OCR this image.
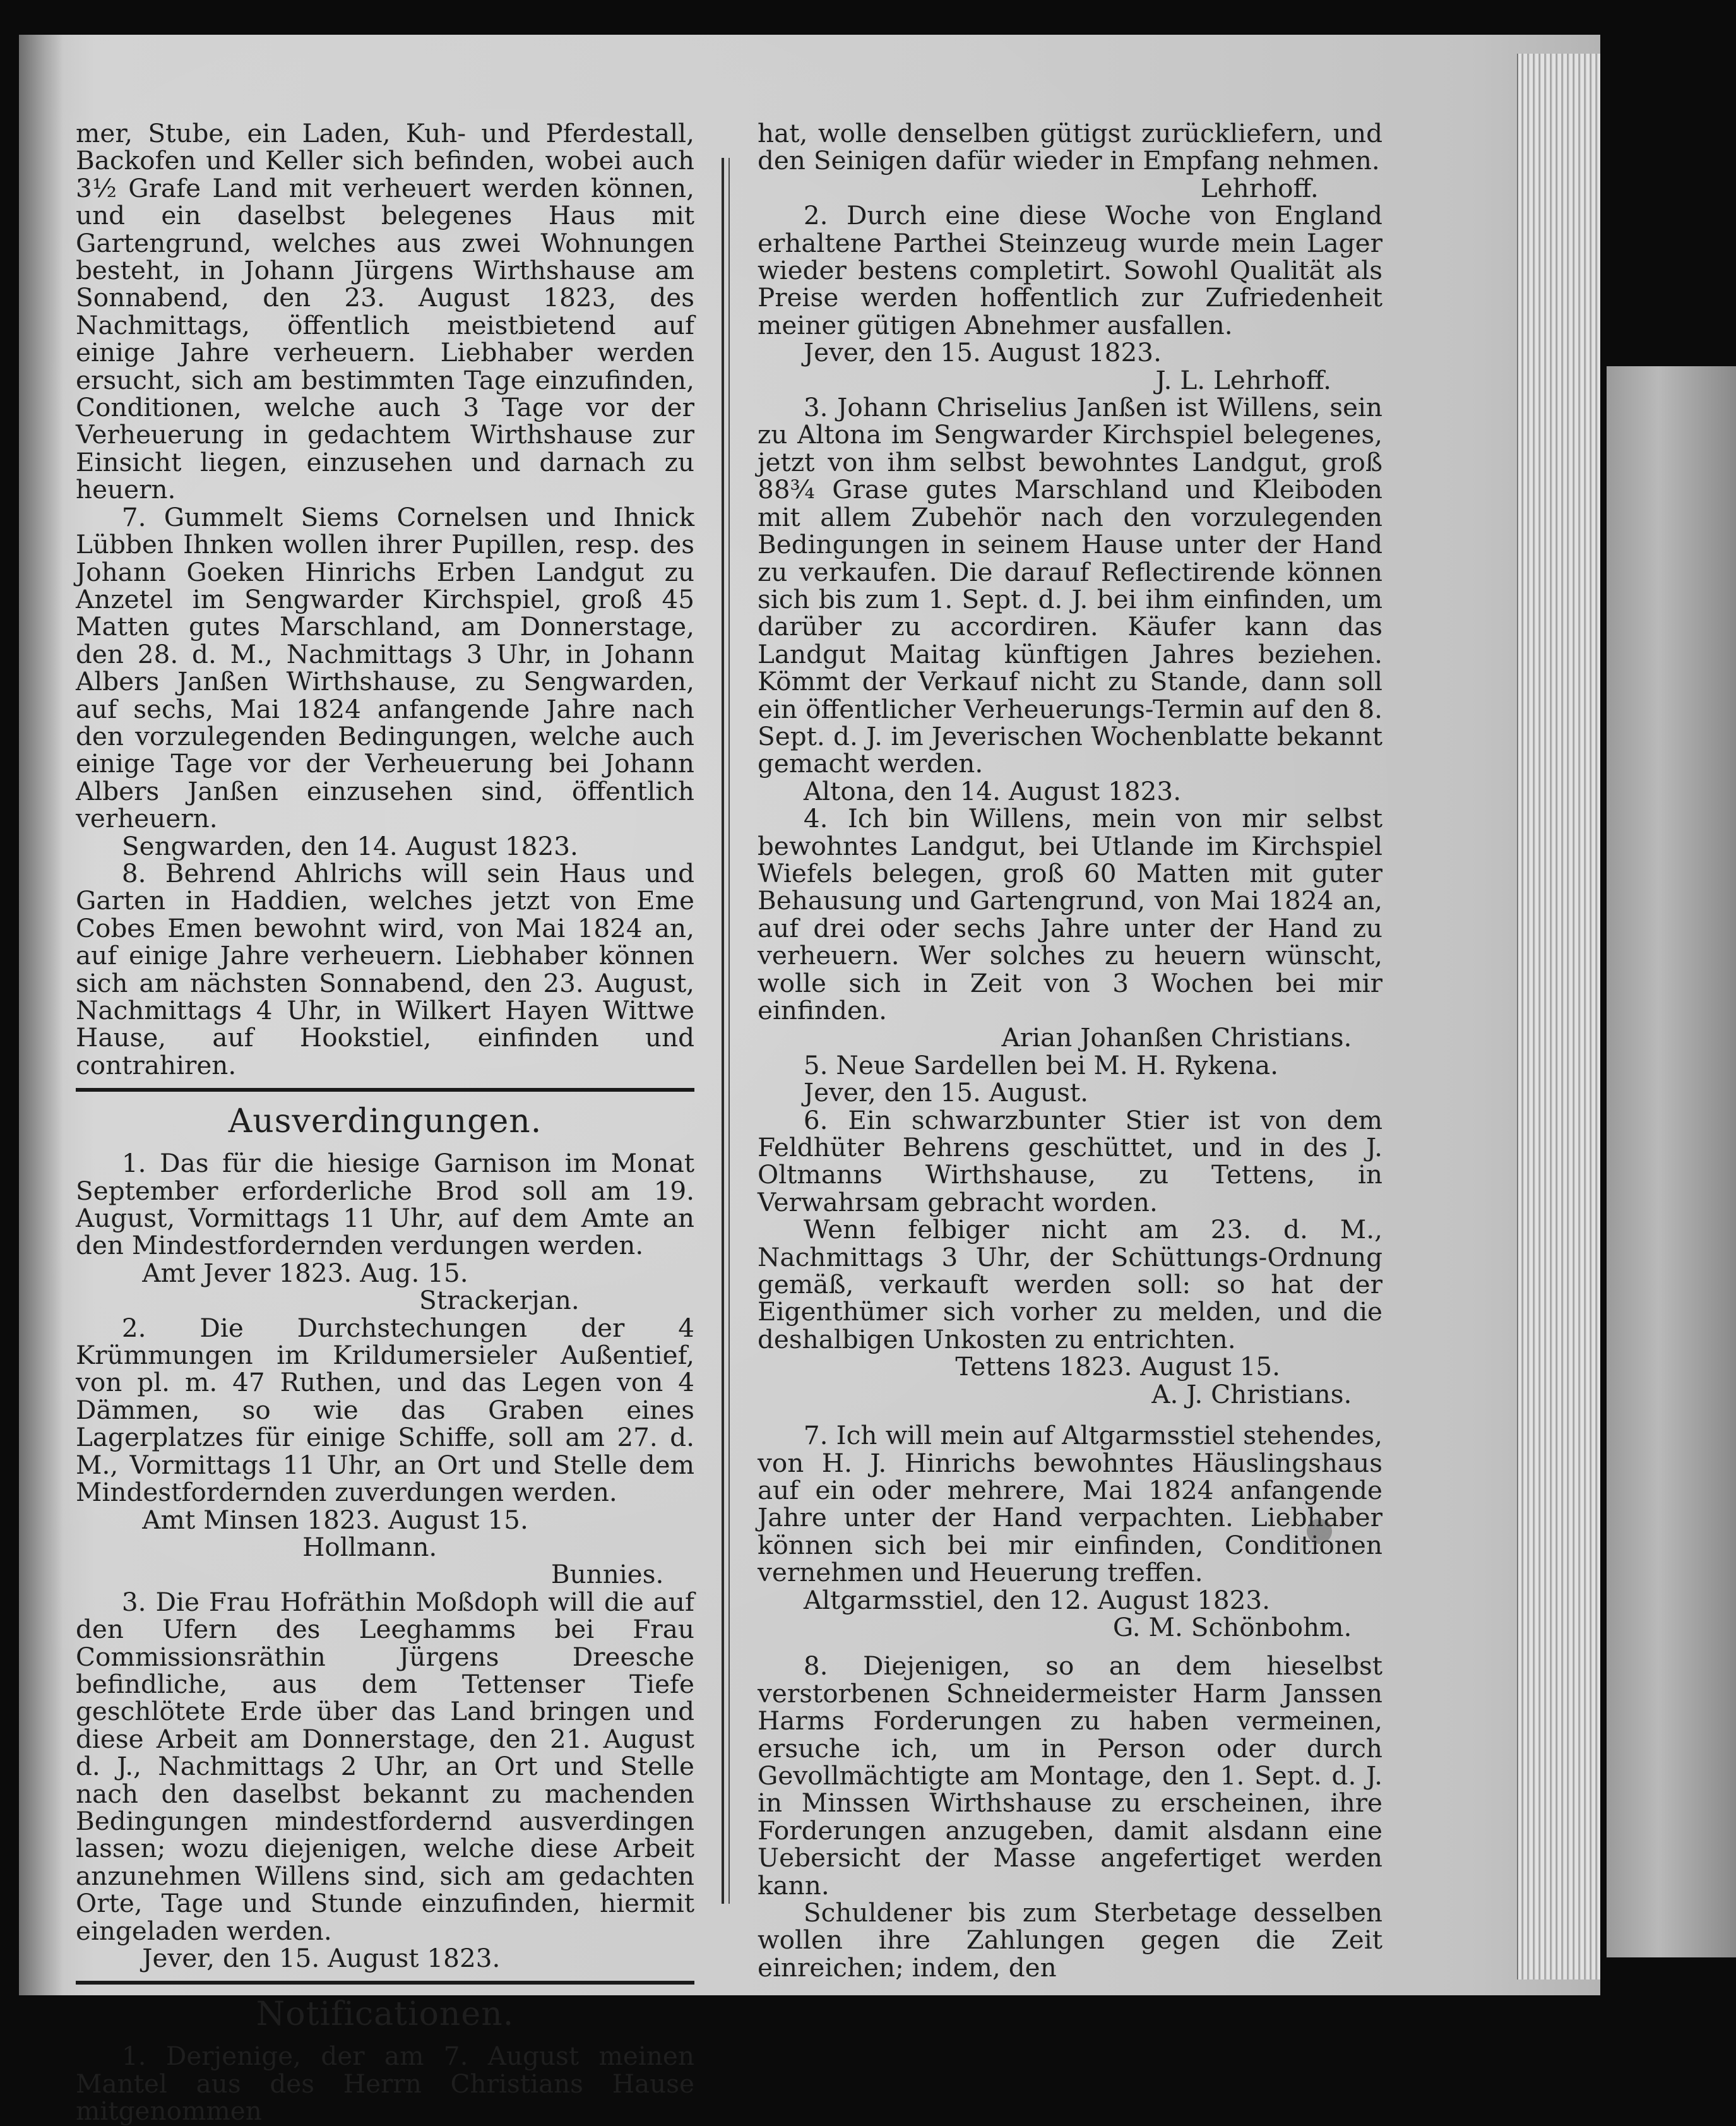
mer, Stube, ein Laden, Kuh- und Pferdestall, Backofen und Keller sich befinden, wobei auch 3½ Grafe Land mit verheuert werden können, und ein daselbst belegenes Haus mit Gartengrund, welches aus zwei Wohnungen besteht, in Johann Jürgens Wirthshause am Sonnabend, den 23. August 1823, des Nachmittags, öffentlich meistbietend auf einige Jahre verheuern. Liebhaber werden ersucht, sich am bestimmten Tage einzufinden, Conditionen, welche auch 3 Tage vor der Verheuerung in gedachtem Wirthshause zur Einsicht liegen, einzusehen und darnach zu heuern.

7. Gummelt Siems Cornelsen und Ihnick Lübben Ihnken wollen ihrer Pupillen, resp. des Johann Goeken Hinrichs Erben Landgut zu Anzetel im Sengwarder Kirchspiel, groß 45 Matten gutes Marschland, am Donnerstage, den 28. d. M., Nachmittags 3 Uhr, in Johann Albers Janßen Wirthshause, zu Sengwarden, auf sechs, Mai 1824 anfangende Jahre nach den vorzulegenden Bedingungen, welche auch einige Tage vor der Verheuerung bei Johann Albers Janßen einzusehen sind, öffentlich verheuern.

Sengwarden, den 14. August 1823.

8. Behrend Ahlrichs will sein Haus und Garten in Haddien, welches jetzt von Eme Cobes Emen bewohnt wird, von Mai 1824 an, auf einige Jahre verheuern. Liebhaber können sich am nächsten Sonnabend, den 23. August, Nachmittags 4 Uhr, in Wilkert Hayen Wittwe Hause, auf Hookstiel, einfinden und contrahiren.

Ausverdingungen.

1. Das für die hiesige Garnison im Monat September erforderliche Brod soll am 19. August, Vormittags 11 Uhr, auf dem Amte an den Mindestfordernden verdungen werden.

Amt Jever 1823. Aug. 15.

Strackerjan.

2. Die Durchstechungen der 4 Krümmungen im Krildumersieler Außentief, von pl. m. 47 Ruthen, und das Legen von 4 Dämmen, so wie das Graben eines Lagerplatzes für einige Schiffe, soll am 27. d. M., Vormittags 11 Uhr, an Ort und Stelle dem Mindestfordernden zuverdungen werden.

Amt Minsen 1823. August 15.

Hollmann.

Bunnies.

3. Die Frau Hofräthin Moßdoph will die auf den Ufern des Leeghamms bei Frau Commissionsräthin Jürgens Dreesche befindliche, aus dem Tettenser Tiefe geschlötete Erde über das Land bringen und diese Arbeit am Donnerstage, den 21. August d. J., Nachmittags 2 Uhr, an Ort und Stelle nach den daselbst bekannt zu machenden Bedingungen mindestfordernd ausverdingen lassen; wozu diejenigen, welche diese Arbeit anzunehmen Willens sind, sich am gedachten Orte, Tage und Stunde einzufinden, hiermit eingeladen werden.

Jever, den 15. August 1823.

Notificationen.

1. Derjenige, der am 7. August meinen Mantel aus des Herrn Christians Hause mitgenommen

hat, wolle denselben gütigst zurückliefern, und den Seinigen dafür wieder in Empfang nehmen.

Lehrhoff.

2. Durch eine diese Woche von England erhaltene Parthei Steinzeug wurde mein Lager wieder bestens completirt. Sowohl Qualität als Preise werden hoffentlich zur Zufriedenheit meiner gütigen Abnehmer ausfallen.

Jever, den 15. August 1823.

J. L. Lehrhoff.

3. Johann Chriselius Janßen ist Willens, sein zu Altona im Sengwarder Kirchspiel belegenes, jetzt von ihm selbst bewohntes Landgut, groß 88¾ Grase gutes Marschland und Kleiboden mit allem Zubehör nach den vorzulegenden Bedingungen in seinem Hause unter der Hand zu verkaufen. Die darauf Reflectirende können sich bis zum 1. Sept. d. J. bei ihm einfinden, um darüber zu accordiren. Käufer kann das Landgut Maitag künftigen Jahres beziehen. Kömmt der Verkauf nicht zu Stande, dann soll ein öffentlicher Verheuerungs-Termin auf den 8. Sept. d. J. im Jeverischen Wochenblatte bekannt gemacht werden.

Altona, den 14. August 1823.

4. Ich bin Willens, mein von mir selbst bewohntes Landgut, bei Utlande im Kirchspiel Wiefels belegen, groß 60 Matten mit guter Behausung und Gartengrund, von Mai 1824 an, auf drei oder sechs Jahre unter der Hand zu verheuern. Wer solches zu heuern wünscht, wolle sich in Zeit von 3 Wochen bei mir einfinden.

Arian Johanßen Christians.

5. Neue Sardellen bei M. H. Rykena.

Jever, den 15. August.

6. Ein schwarzbunter Stier ist von dem Feldhüter Behrens geschüttet, und in des J. Oltmanns Wirthshause, zu Tettens, in Verwahrsam gebracht worden.

Wenn felbiger nicht am 23. d. M., Nachmittags 3 Uhr, der Schüttungs-Ordnung gemäß, verkauft werden soll: so hat der Eigenthümer sich vorher zu melden, und die deshalbigen Unkosten zu entrichten.

Tettens 1823. August 15.

A. J. Christians.

7. Ich will mein auf Altgarmsstiel stehendes, von H. J. Hinrichs bewohntes Häuslingshaus auf ein oder mehrere, Mai 1824 anfangende Jahre unter der Hand verpachten. Liebhaber können sich bei mir einfinden, Conditionen vernehmen und Heuerung treffen.

Altgarmsstiel, den 12. August 1823.

G. M. Schönbohm.

8. Diejenigen, so an dem hieselbst verstorbenen Schneidermeister Harm Janssen Harms Forderungen zu haben vermeinen, ersuche ich, um in Person oder durch Gevollmächtigte am Montage, den 1. Sept. d. J. in Minssen Wirthshause zu erscheinen, ihre Forderungen anzugeben, damit alsdann eine Uebersicht der Masse angefertiget werden kann.

Schuldener bis zum Sterbetage desselben wollen ihre Zahlungen gegen die Zeit einreichen; indem, den
